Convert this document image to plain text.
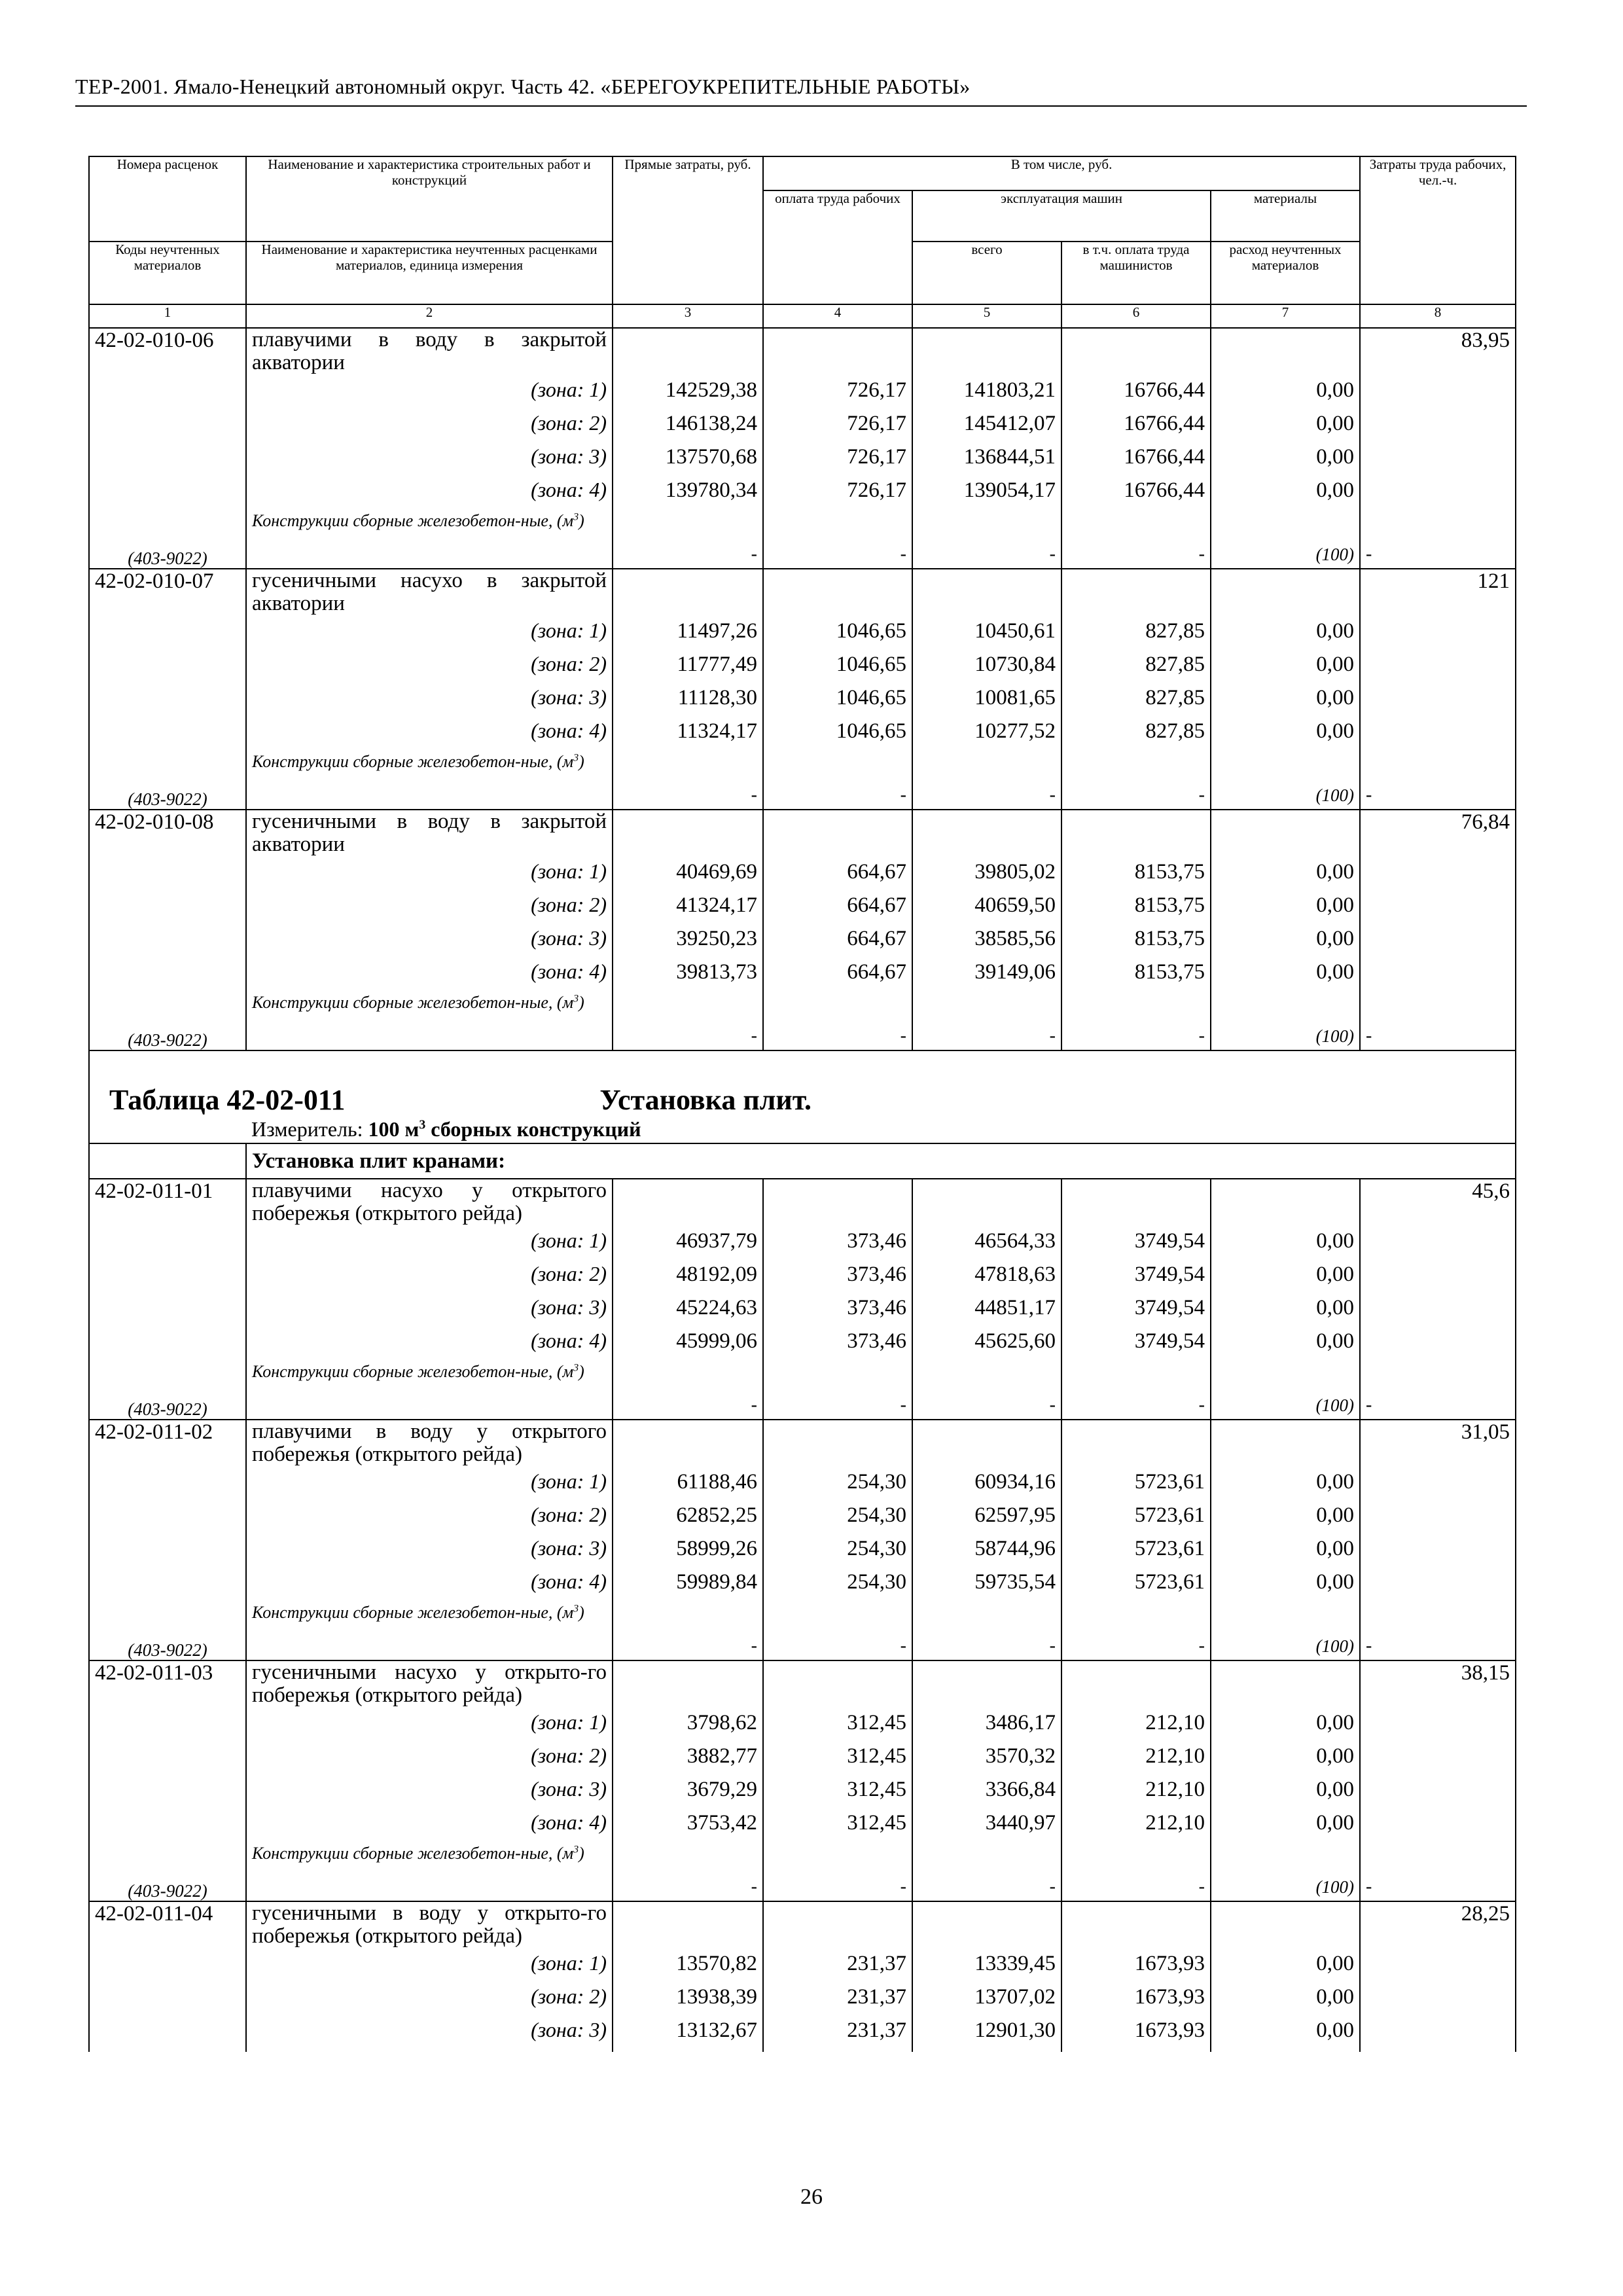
ТЕР-2001. Ямало-Ненецкий автономный округ. Часть 42. «БЕРЕГОУКРЕПИТЕЛЬНЫЕ РАБОТЫ»
Номера расценок	Наименование и характеристика строительных работ и конструкций	Прямые затраты, руб.	В том числе, руб.				Затраты труда рабочих, чел.-ч.
			оплата труда рабочих	эксплуатация машин		материалы	
Коды неучтенных материалов	Наименование и характеристика неучтенных расценками материалов, единица измерения			всего	в т.ч. оплата труда машинистов	расход неучтенных материалов	
1	2	3	4	5	6	7	8
42-02-010-06	плавучими в воду в закрытой акватории						83,95
	(зона: 1)	142529,38	726,17	141803,21	16766,44	0,00	
	(зона: 2)	146138,24	726,17	145412,07	16766,44	0,00	
	(зона: 3)	137570,68	726,17	136844,51	16766,44	0,00	
	(зона: 4)	139780,34	726,17	139054,17	16766,44	0,00	
(403-9022)	Конструкции сборные железобетон-ные, $(м^3)$	-	-	-	-	(100)	-
42-02-010-07	гусеничными насухо в закрытой акватории						121
	(зона: 1)	11497,26	1046,65	10450,61	827,85	0,00	
	(зона: 2)	11777,49	1046,65	10730,84	827,85	0,00	
	(зона: 3)	11128,30	1046,65	10081,65	827,85	0,00	
	(зона: 4)	11324,17	1046,65	10277,52	827,85	0,00	
(403-9022)	Конструкции сборные железобетон-ные, $(м^3)$	-	-	-	-	(100)	-
42-02-010-08	гусеничными в воду в закрытой акватории						76,84
	(зона: 1)	40469,69	664,67	39805,02	8153,75	0,00	
	(зона: 2)	41324,17	664,67	40659,50	8153,75	0,00	
	(зона: 3)	39250,23	664,67	38585,56	8153,75	0,00	
	(зона: 4)	39813,73	664,67	39149,06	8153,75	0,00	
(403-9022)	Конструкции сборные железобетон-ные, $(м^3)$	-	-	-	-	(100)	-
Таблица 42-02-011 Установка плит.							
	Измеритель: 100 $м^3$ сборных конструкций						
	Установка плит кранами:						
42-02-011-01	плавучими насухо у открытого побережья (открытого рейда)						45,6
	(зона: 1)	46937,79	373,46	46564,33	3749,54	0,00	
	(зона: 2)	48192,09	373,46	47818,63	3749,54	0,00	
	(зона: 3)	45224,63	373,46	44851,17	3749,54	0,00	
	(зона: 4)	45999,06	373,46	45625,60	3749,54	0,00	
(403-9022)	Конструкции сборные железобетон-ные, $(м^3)$	-	-	-	-	(100)	-
42-02-011-02	плавучими в воду у открытого побережья (открытого рейда)						31,05
	(зона: 1)	61188,46	254,30	60934,16	5723,61	0,00	
	(зона: 2)	62852,25	254,30	62597,95	5723,61	0,00	
	(зона: 3)	58999,26	254,30	58744,96	5723,61	0,00	
	(зона: 4)	59989,84	254,30	59735,54	5723,61	0,00	
(403-9022)	Конструкции сборные железобетон-ные, $(м^3)$	-	-	-	-	(100)	-
42-02-011-03	гусеничными насухо у открыто-го побережья (открытого рейда)						38,15
	(зона: 1)	3798,62	312,45	3486,17	212,10	0,00	
	(зона: 2)	3882,77	312,45	3570,32	212,10	0,00	
	(зона: 3)	3679,29	312,45	3366,84	212,10	0,00	
	(зона: 4)	3753,42	312,45	3440,97	212,10	0,00	
(403-9022)	Конструкции сборные железобетон-ные, $(м^3)$	-	-	-	-	(100)	-
42-02-011-04	гусеничными в воду у открыто-го побережья (открытого рейда)						28,25
	(зона: 1)	13570,82	231,37	13339,45	1673,93	0,00	
	(зона: 2)	13938,39	231,37	13707,02	1673,93	0,00	
	(зона: 3)	13132,67	231,37	12901,30	1673,93	0,00	
26
